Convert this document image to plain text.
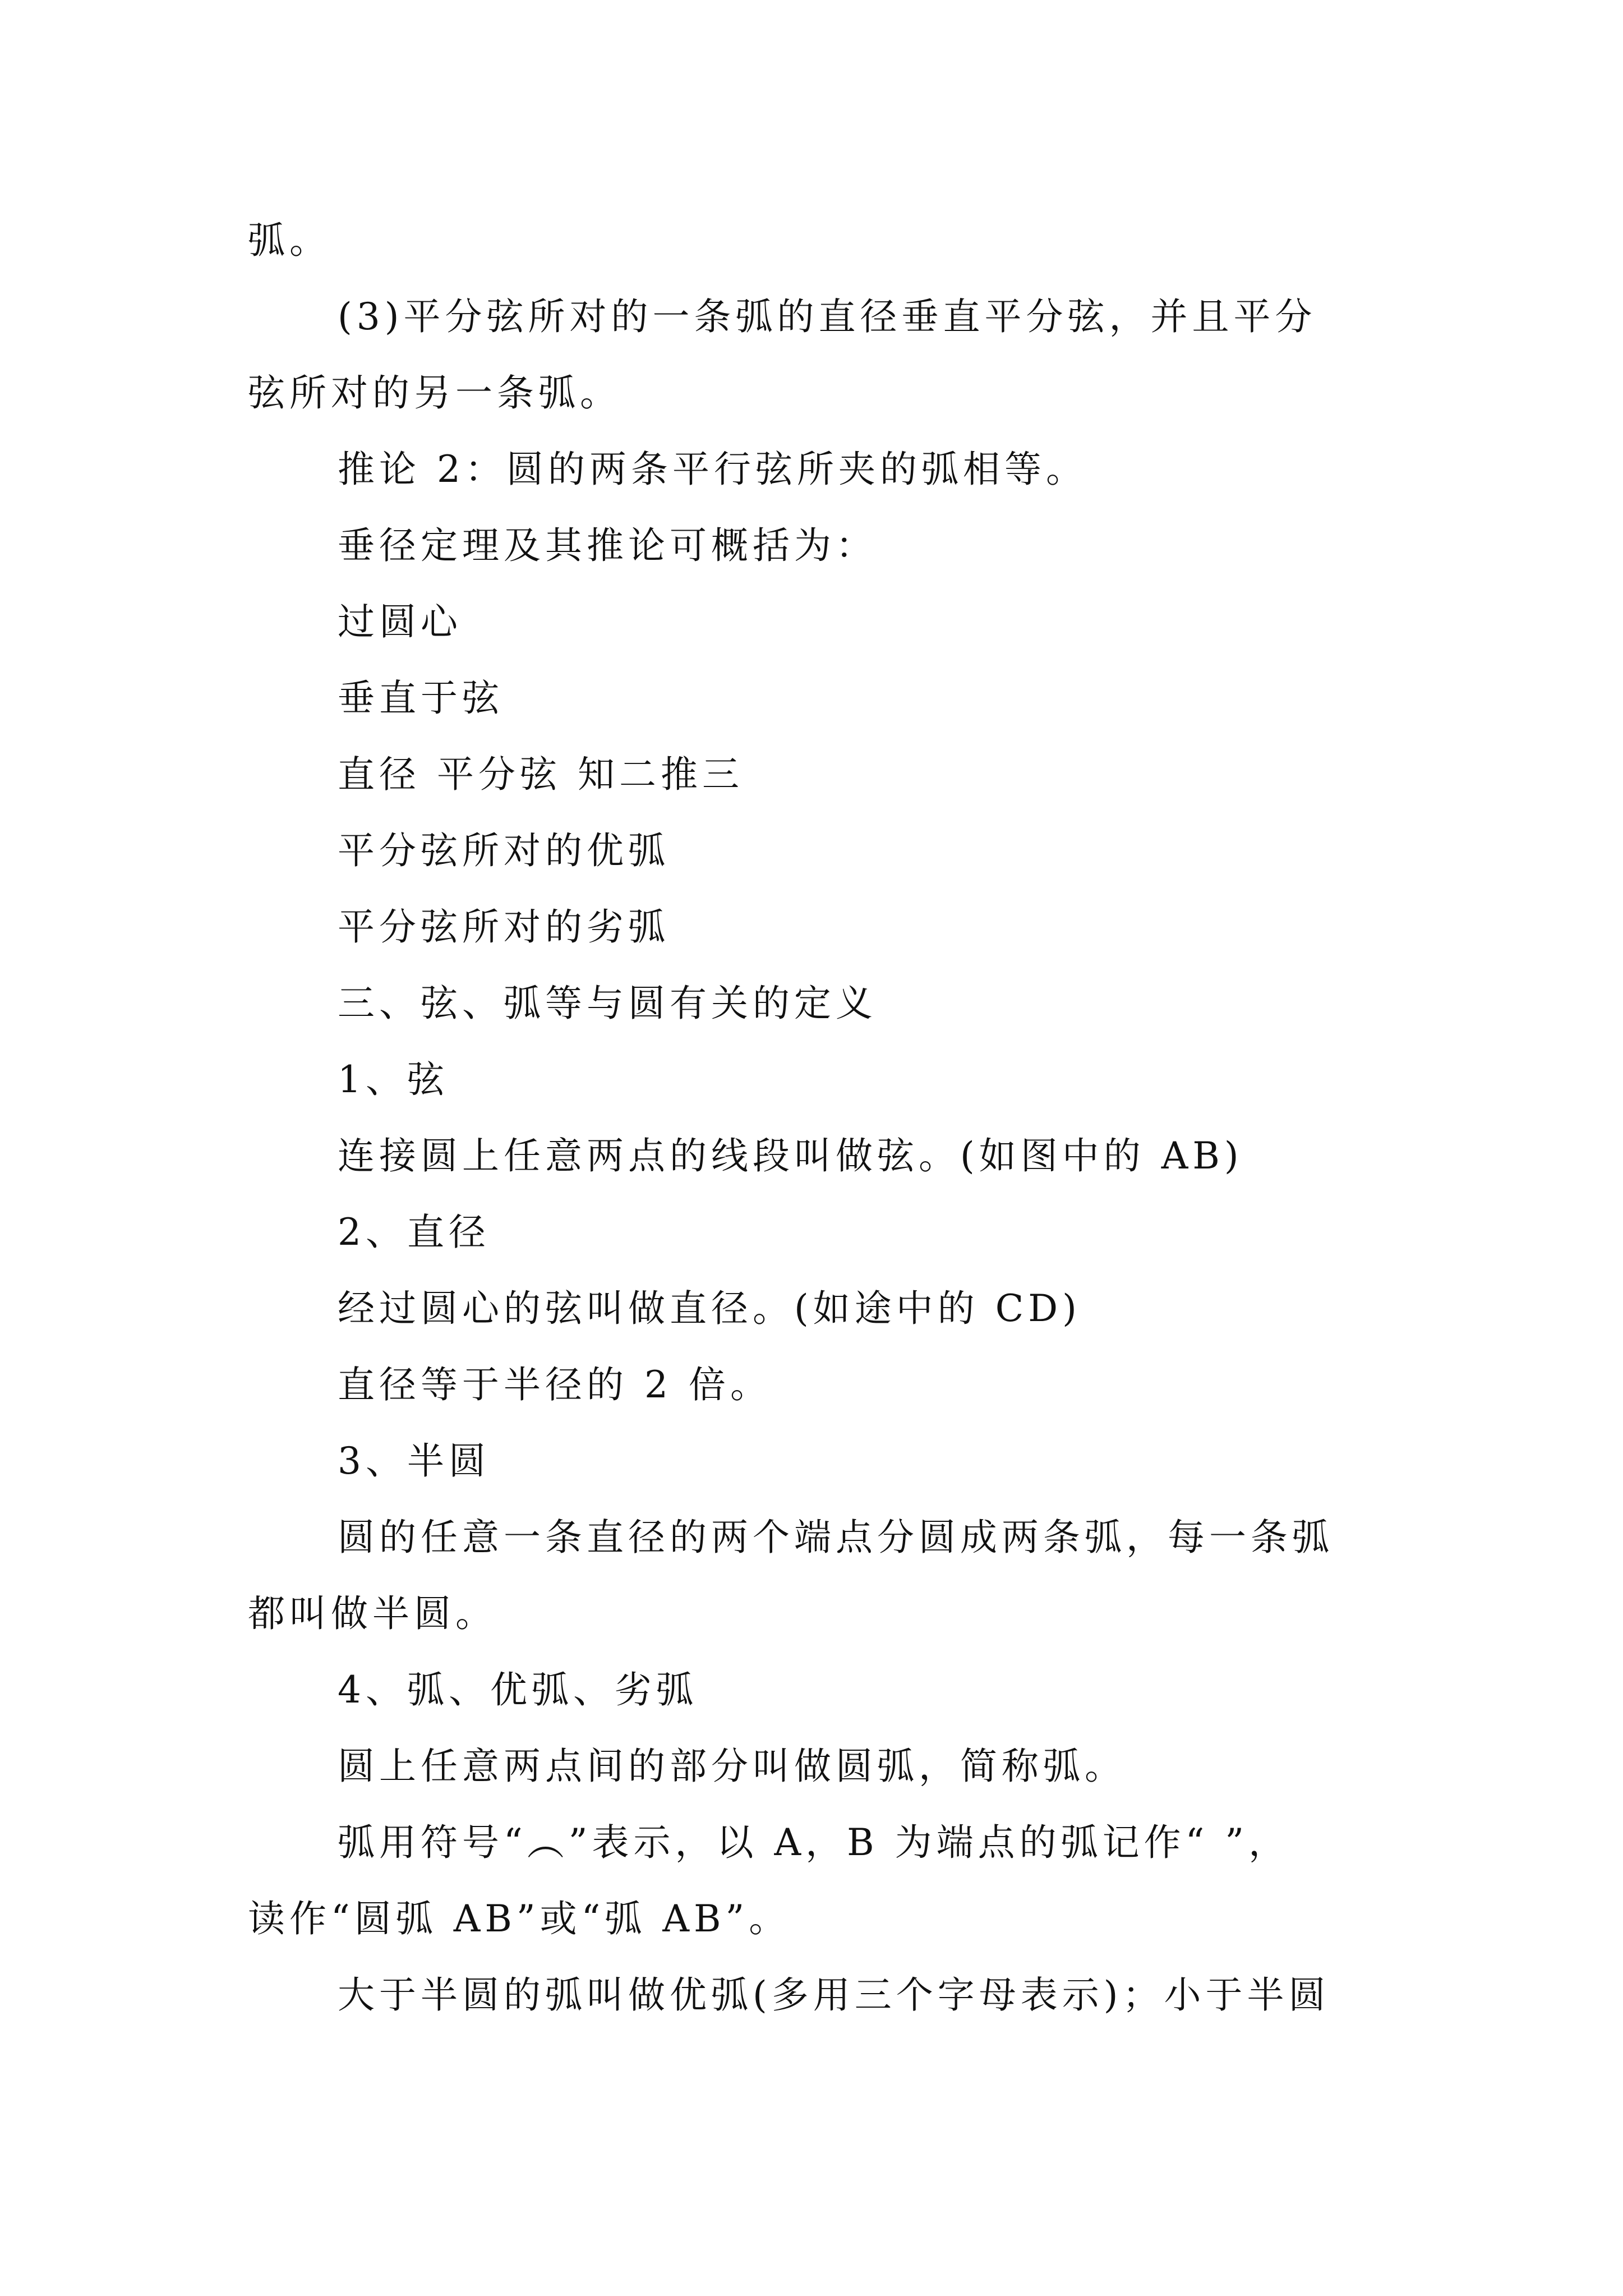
弧。
(3)平分弦所对的一条弧的直径垂直平分弦，并且平分
弦所对的另一条弧。
推论 2：圆的两条平行弦所夹的弧相等。
垂径定理及其推论可概括为：
过圆心
垂直于弦
直径 平分弦 知二推三
平分弦所对的优弧
平分弦所对的劣弧
三、弦、弧等与圆有关的定义
1、弦
连接圆上任意两点的线段叫做弦。(如图中的 AB)
2、直径
经过圆心的弦叫做直径。(如途中的 CD)
直径等于半径的 2 倍。
3、半圆
圆的任意一条直径的两个端点分圆成两条弧，每一条弧
都叫做半圆。
4、弧、优弧、劣弧
圆上任意两点间的部分叫做圆弧，简称弧。
弧用符号“︵”表示，以 A，B 为端点的弧记作“ ”，
读作“圆弧 AB”或“弧 AB”。
大于半圆的弧叫做优弧(多用三个字母表示)；小于半圆
